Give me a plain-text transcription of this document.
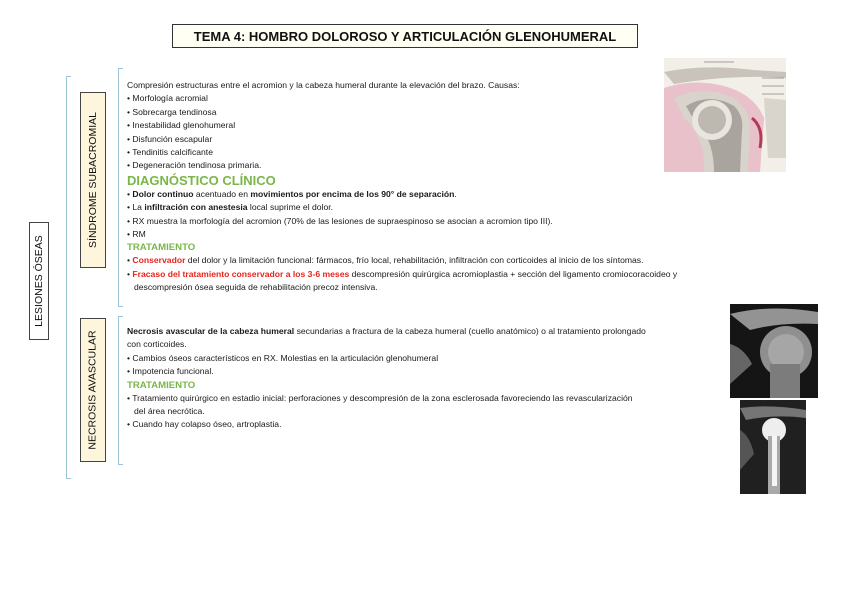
TEMA 4: HOMBRO DOLOROSO Y ARTICULACIÓN GLENOHUMERAL
LESIONES ÓSEAS
SÍNDROME SUBACROMIAL
NECROSIS AVASCULAR
Compresión estructuras entre el acromion y la cabeza humeral durante la elevación del brazo. Causas:
• Morfología acromial
• Sobrecarga tendinosa
• Inestabilidad glenohumeral
• Disfunción escapular
• Tendinitis calcificante
• Degeneración tendinosa primaria.
DIAGNÓSTICO CLÍNICO
• Dolor continuo acentuado en movimientos por encima de los 90° de separación.
• La infiltración con anestesia local suprime el dolor.
• RX muestra la morfología del acromion (70% de las lesiones de supraespinoso se asocian a acromion tipo III).
• RM
TRATAMIENTO
• Conservador del dolor y la limitación funcional: fármacos, frío local, rehabilitación, infiltración con corticoides al inicio de los síntomas.
• Fracaso del tratamiento conservador a los 3-6 meses descompresión quirúrgica acromioplastia + sección del ligamento cromiocoracoideo y
descompresión ósea seguida de rehabilitación precoz intensiva.
Necrosis avascular de la cabeza humeral secundarias a fractura de la cabeza humeral (cuello anatómico) o al tratamiento prolongado
con corticoides.
• Cambios óseos característicos en RX. Molestias en la articulación glenohumeral
• Impotencia funcional.
TRATAMIENTO
• Tratamiento quirúrgico en estadio inicial: perforaciones y descompresión de la zona esclerosada favoreciendo las revascularización
del área necrótica.
• Cuando hay colapso óseo, artroplastia.
